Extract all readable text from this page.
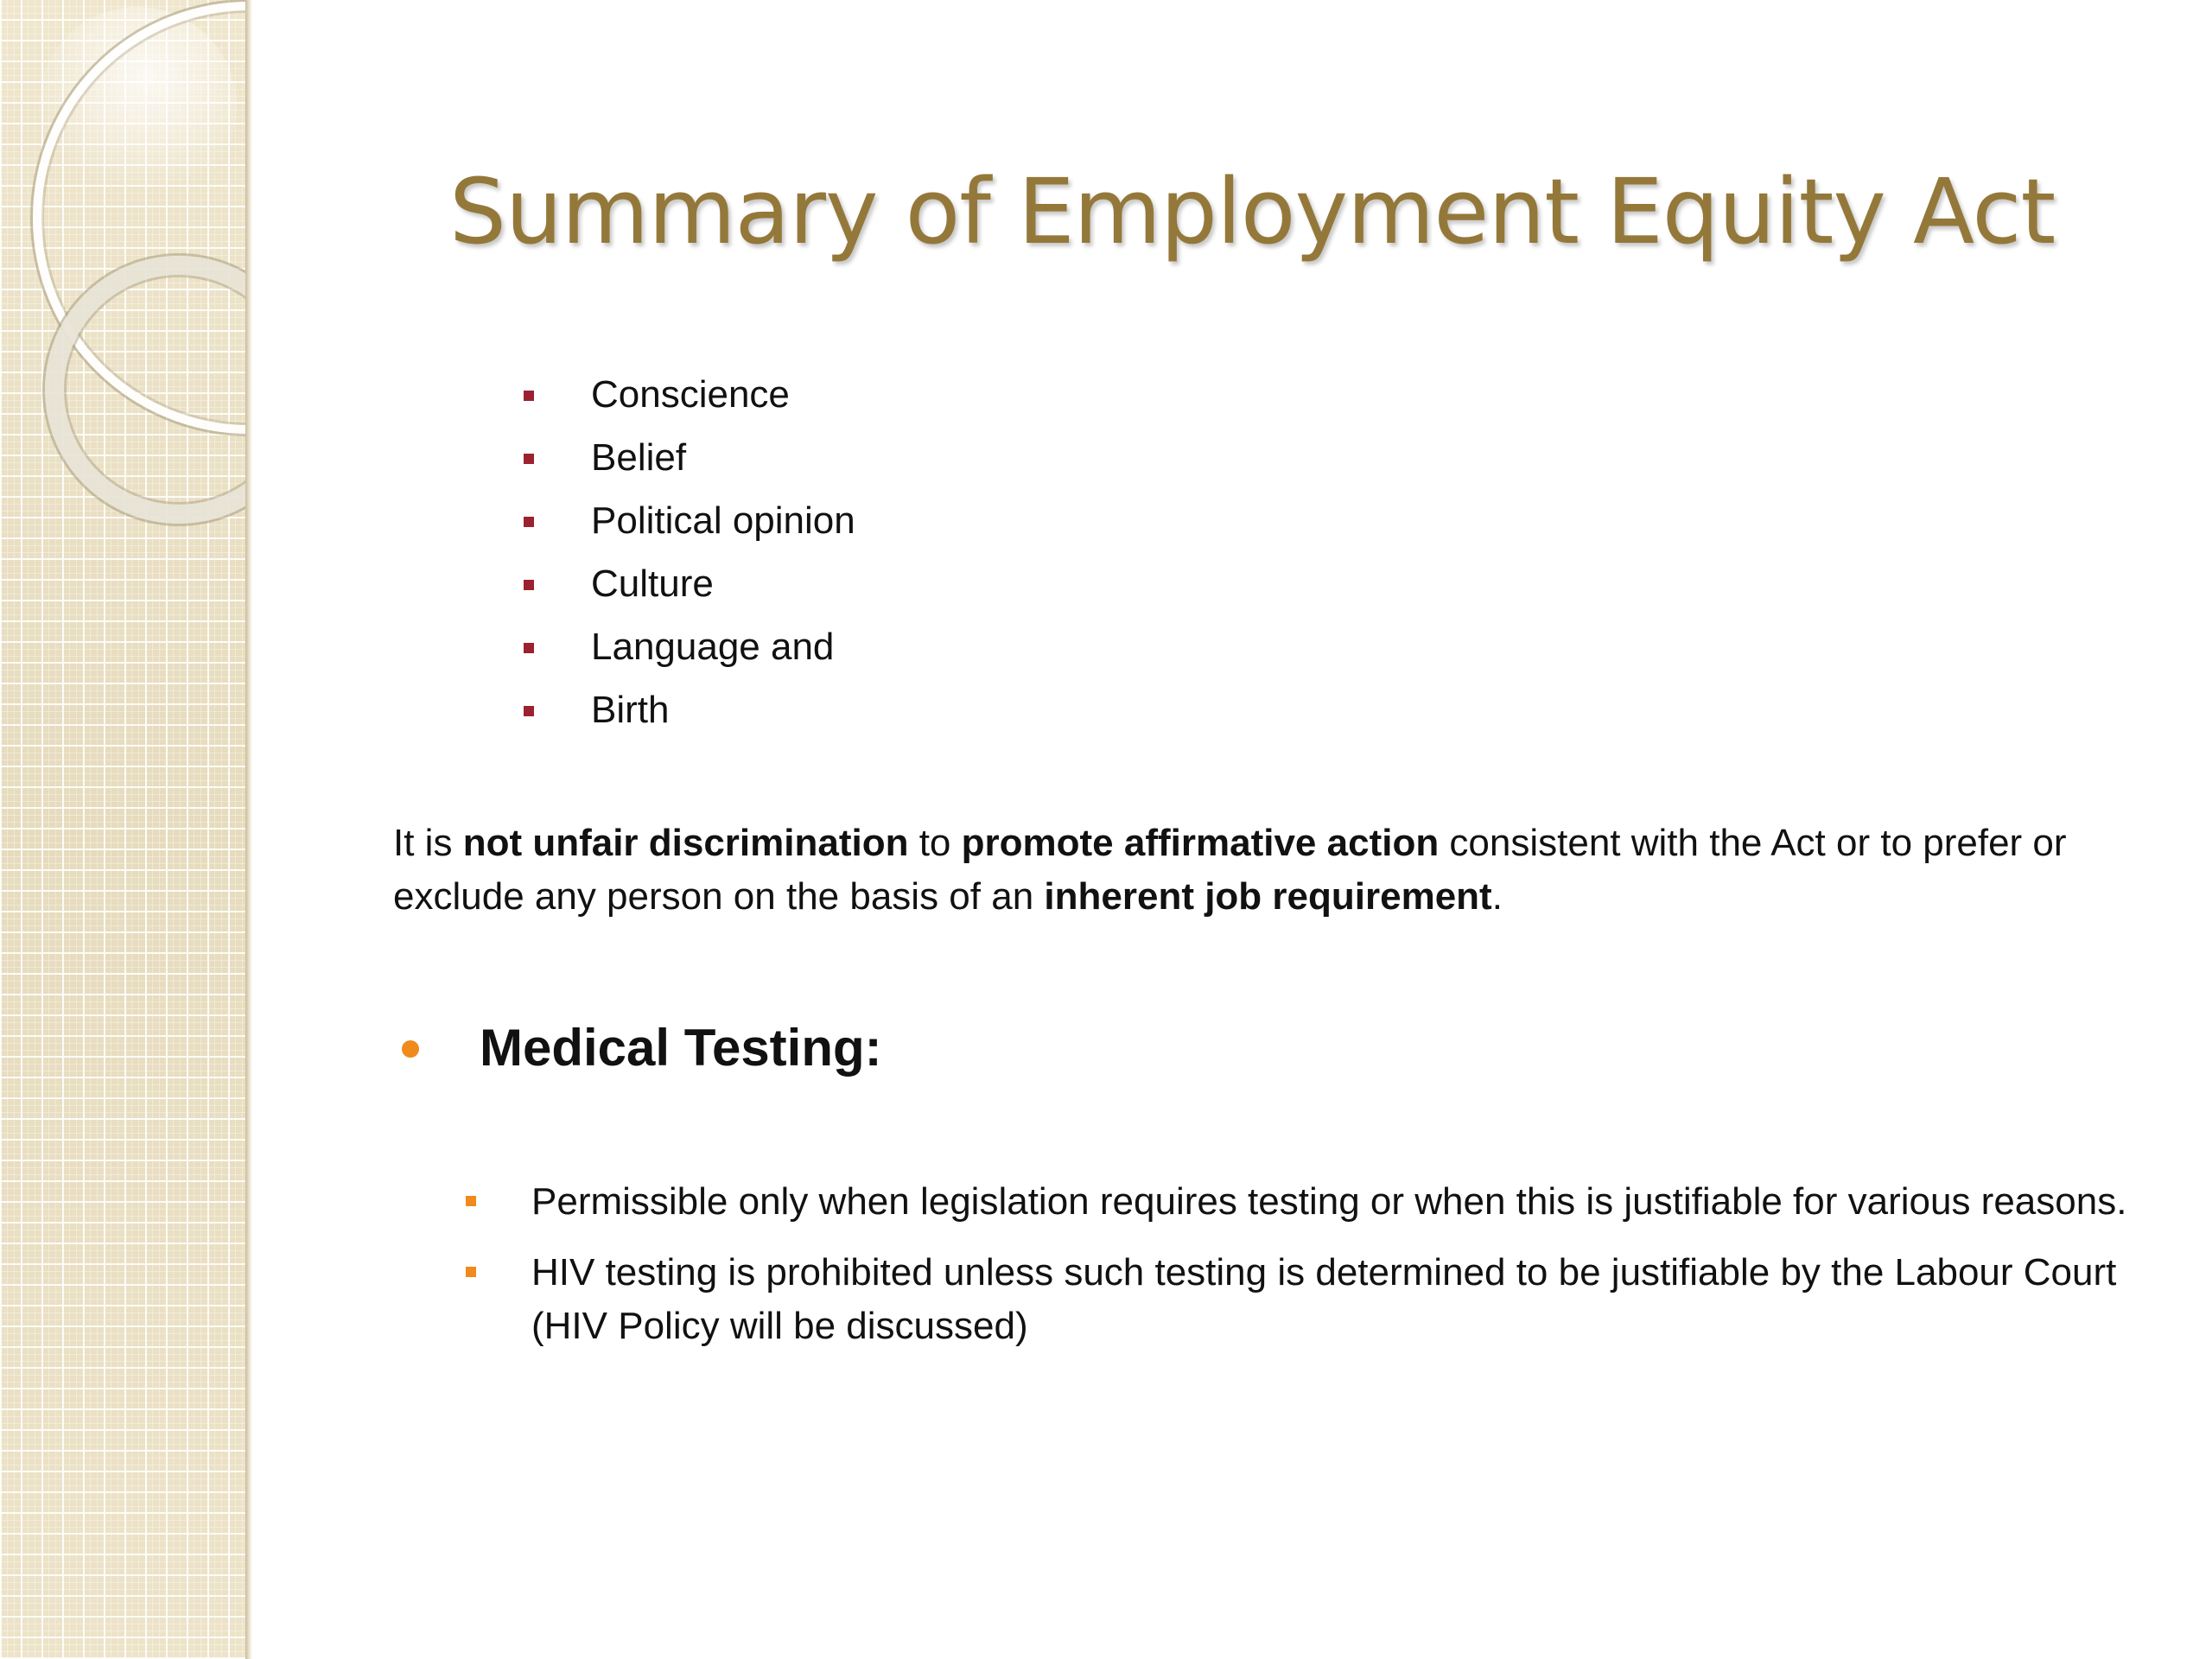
Summary of Employment Equity Act
Conscience
Belief
Political opinion
Culture
Language and
Birth

It is not unfair discrimination to promote affirmative action consistent with the Act or to prefer or exclude any person on the basis of an inherent job requirement.

Medical Testing:
Permissible only when legislation requires testing or when this is justifiable for various reasons.
HIV testing is prohibited unless such testing is determined to be justifiable by the Labour Court (HIV Policy will be discussed)
